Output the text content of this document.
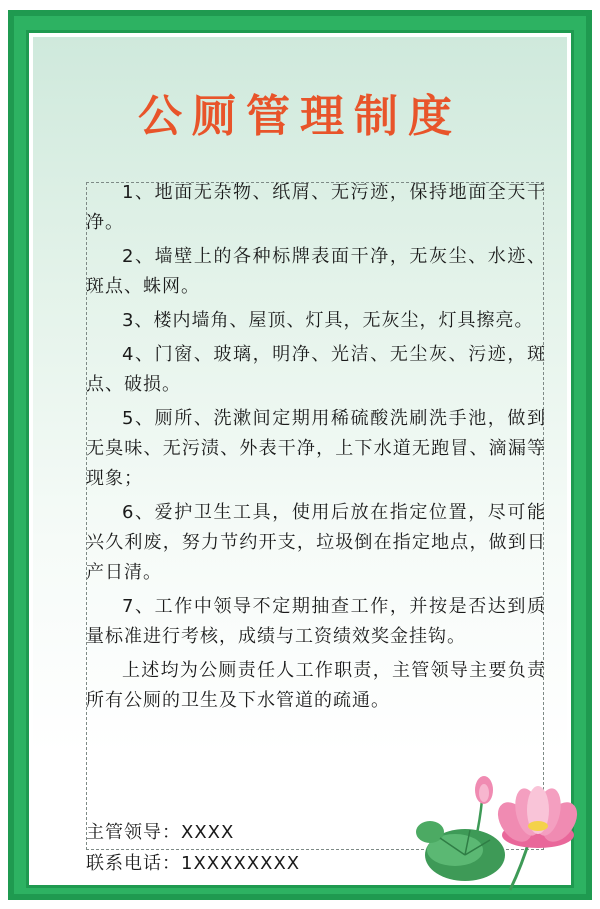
公厕管理制度

1、地面无杂物、纸屑、无污迹，保持地面全天干净。

2、墙壁上的各种标牌表面干净，无灰尘、水迹、斑点、蛛网。

3、楼内墙角、屋顶、灯具，无灰尘，灯具擦亮。

4、门窗、玻璃，明净、光洁、无尘灰、污迹，斑点、破损。

5、厕所、洗漱间定期用稀硫酸洗刷洗手池，做到无臭味、无污渍、外表干净，上下水道无跑冒、滴漏等现象；

6、爱护卫生工具，使用后放在指定位置，尽可能兴久利废，努力节约开支，垃圾倒在指定地点，做到日产日清。

7、工作中领导不定期抽查工作，并按是否达到质量标准进行考核，成绩与工资绩效奖金挂钩。

上述均为公厕责任人工作职责，主管领导主要负责所有公厕的卫生及下水管道的疏通。

主管领导：XXXX
联系电话：1XXXXXXXX
